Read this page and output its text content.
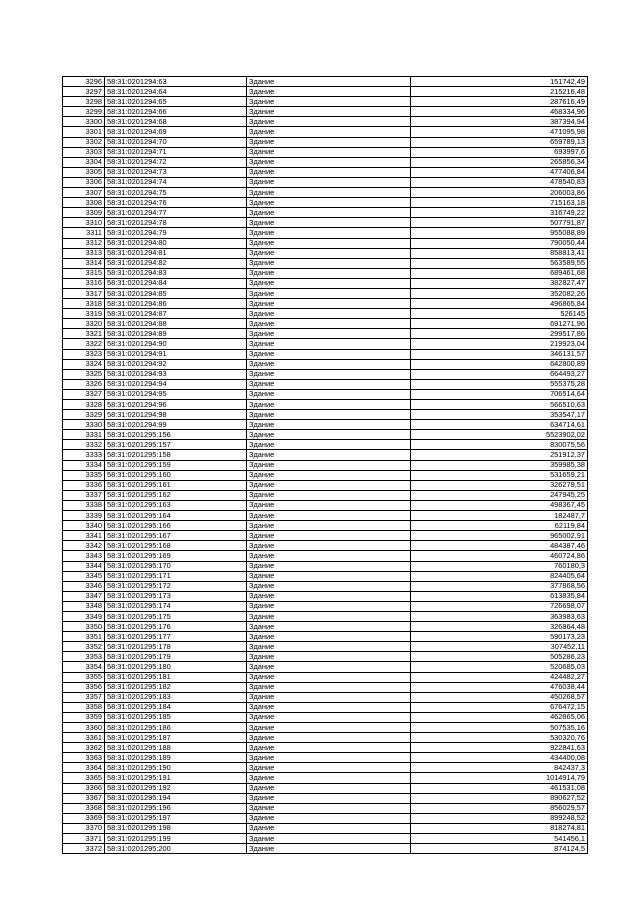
3296	58:31:0201294:63	Здание	151742,49
3297	58:31:0201294:64	Здание	215216,48
3298	58:31:0201294:65	Здание	287616,49
3299	58:31:0201294:66	Здание	468334,96
3300	58:31:0201294:68	Здание	387394,94
3301	58:31:0201294:69	Здание	471095,98
3302	58:31:0201294:70	Здание	659789,13
3303	58:31:0201294:71	Здание	693997,6
3304	58:31:0201294:72	Здание	265856,34
3305	58:31:0201294:73	Здание	477406,84
3306	58:31:0201294:74	Здание	478540,83
3307	58:31:0201294:75	Здание	206003,86
3308	58:31:0201294:76	Здание	715163,18
3309	58:31:0201294:77	Здание	316749,22
3310	58:31:0201294:78	Здание	507791,87
3311	58:31:0201294:79	Здание	955088,89
3312	58:31:0201294:80	Здание	790050,44
3313	58:31:0201294:81	Здание	858813,41
3314	58:31:0201294:82	Здание	563589,55
3315	58:31:0201294:83	Здание	689461,68
3316	58:31:0201294:84	Здание	382827,47
3317	58:31:0201294:85	Здание	352082,26
3318	58:31:0201294:86	Здание	496865,84
3319	58:31:0201294:87	Здание	526145
3320	58:31:0201294:88	Здание	691271,96
3321	58:31:0201294:89	Здание	299517,86
3322	58:31:0201294:90	Здание	219923,04
3323	58:31:0201294:91	Здание	346131,57
3324	58:31:0201294:92	Здание	642800,89
3325	58:31:0201294:93	Здание	664493,27
3326	58:31:0201294:94	Здание	555375,28
3327	58:31:0201294:95	Здание	706514,64
3328	58:31:0201294:96	Здание	566510,63
3329	58:31:0201294:98	Здание	353547,17
3330	58:31:0201294:99	Здание	634714,61
3331	58:31:0201295:156	Здание	5523902,02
3332	58:31:0201295:157	Здание	830075,56
3333	58:31:0201295:158	Здание	251912,37
3334	58:31:0201295:159	Здание	359985,38
3335	58:31:0201295:160	Здание	531659,21
3336	58:31:0201295:161	Здание	326279,51
3337	58:31:0201295:162	Здание	247945,25
3338	58:31:0201295:163	Здание	498367,45
3339	58:31:0201295:164	Здание	182487,7
3340	58:31:0201295:166	Здание	62119,84
3341	58:31:0201295:167	Здание	965002,91
3342	58:31:0201295:168	Здание	484387,46
3343	58:31:0201295:169	Здание	460724,86
3344	58:31:0201295:170	Здание	760180,3
3345	58:31:0201295:171	Здание	824405,64
3346	58:31:0201295:172	Здание	377868,56
3347	58:31:0201295:173	Здание	613835,84
3348	58:31:0201295:174	Здание	726698,07
3349	58:31:0201295:175	Здание	363983,63
3350	58:31:0201295:176	Здание	326864,48
3351	58:31:0201295:177	Здание	590173,23
3352	58:31:0201295:178	Здание	307452,11
3353	58:31:0201295:179	Здание	505286,23
3354	58:31:0201295:180	Здание	520685,03
3355	58:31:0201295:181	Здание	424482,27
3356	58:31:0201295:182	Здание	476038,44
3357	58:31:0201295:183	Здание	450268,57
3358	58:31:0201295:184	Здание	676472,15
3359	58:31:0201295:185	Здание	462865,06
3360	58:31:0201295:186	Здание	507535,16
3361	58:31:0201295:187	Здание	530320,76
3362	58:31:0201295:188	Здание	922841,63
3363	58:31:0201295:189	Здание	434400,08
3364	58:31:0201295:190	Здание	842437,3
3365	58:31:0201295:191	Здание	1014914,79
3366	58:31:0201295:192	Здание	461531,08
3367	58:31:0201295:194	Здание	890627,52
3368	58:31:0201295:196	Здание	856029,57
3369	58:31:0201295:197	Здание	899248,52
3370	58:31:0201295:198	Здание	818274,81
3371	58:31:0201295:199	Здание	541456,1
3372	58:31:0201295:200	Здание	874124,5
